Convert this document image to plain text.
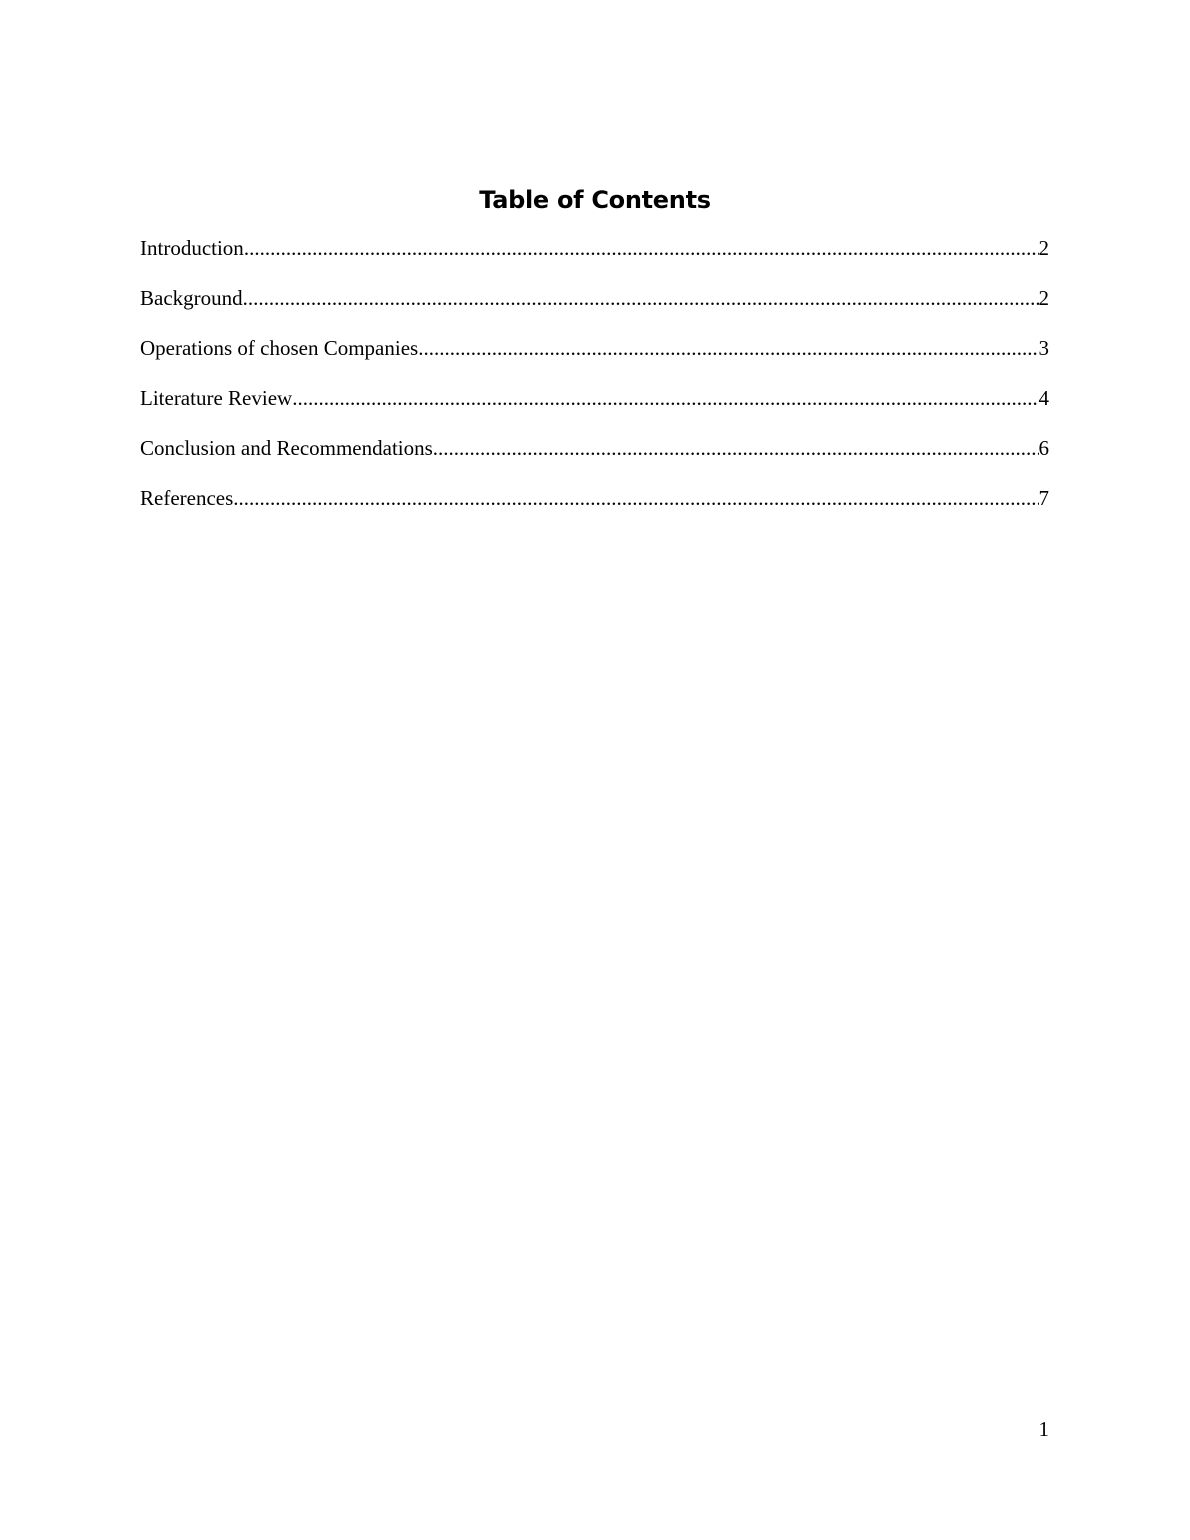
Table of Contents
Introduction .....	2
Background .....	2
Operations of chosen Companies .....	3
Literature Review .....	4
Conclusion and Recommendations .....	6
References .....	7
1
